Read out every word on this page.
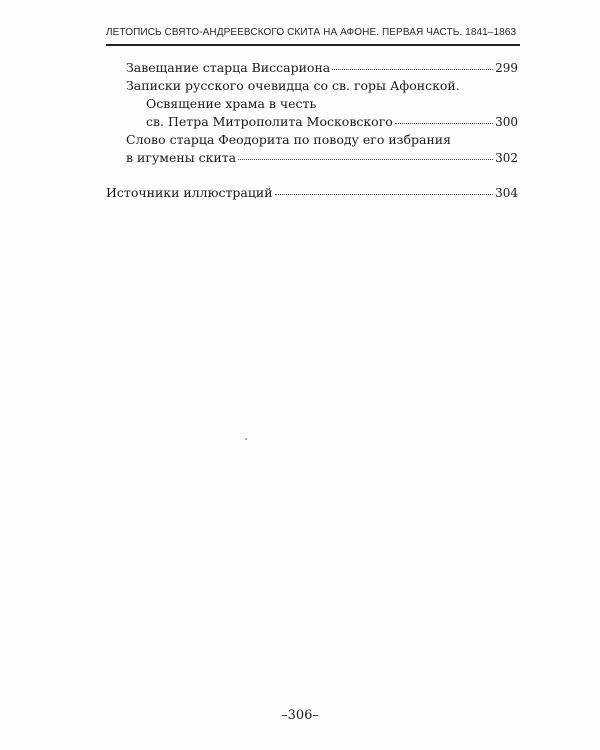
ЛЕТОПИСЬ СВЯТО-АНДРЕЕВСКОГО СКИТА НА АФОНЕ. ПЕРВАЯ ЧАСТЬ. 1841–1863
Завещание старца Виссариона	299
Записки русского очевидца со св. горы Афонской.
Освящение храма в честь
св. Петра Митрополита Московского	300
Слово старца Феодорита по поводу его избрания
в игумены скита	302
Источники иллюстраций	304
–306–
